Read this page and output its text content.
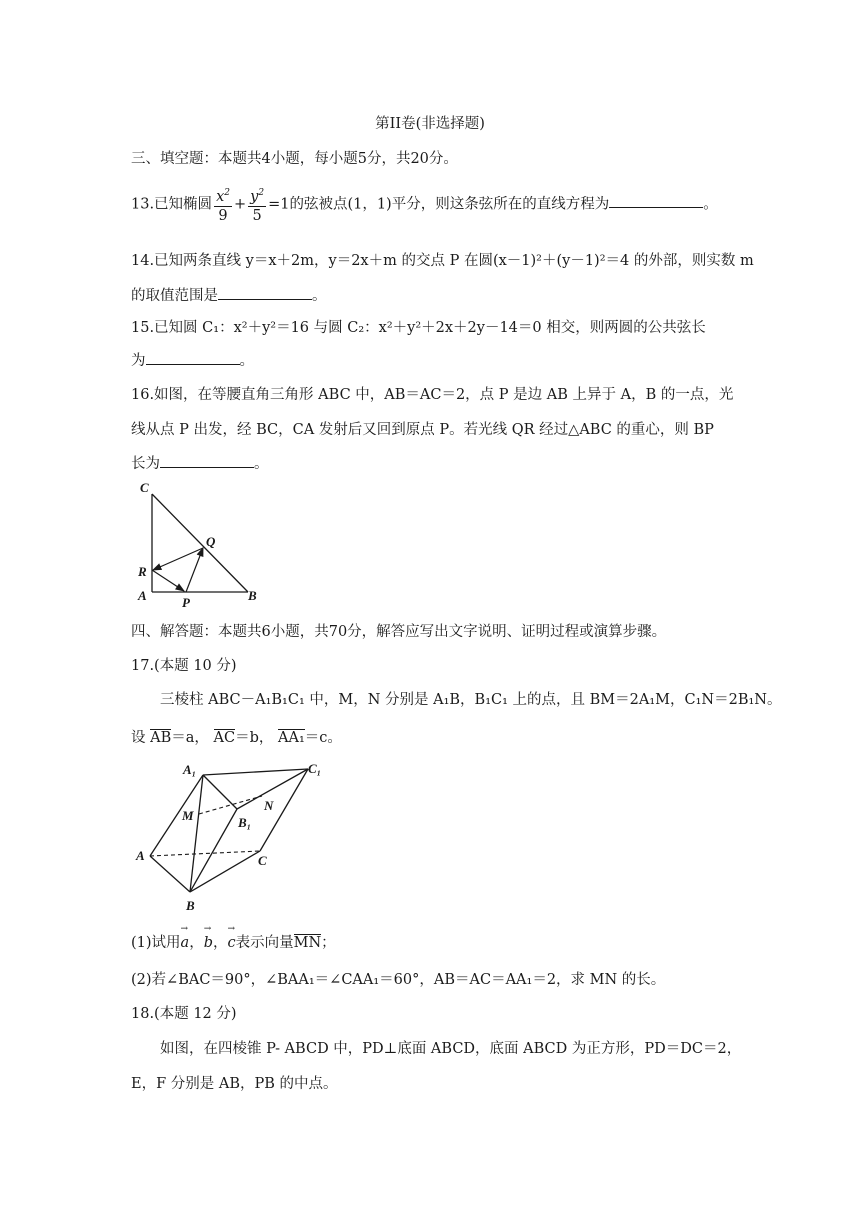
第II卷(非选择题)
三、填空题：本题共4小题，每小题5分，共20分。
13.已知椭圆 $\frac{x^2}{9} + \frac{y^2}{5} =1$的弦被点(1，1)平分，则这条弦所在的直线方程为	。
14.已知两条直线 y＝x＋2m，y＝2x＋m 的交点 P 在圆(x－1)²＋(y－1)²＝4 的外部，则实数 m
的取值范围是	。
15.已知圆 C₁：x²＋y²＝16 与圆 C₂：x²＋y²＋2x＋2y－14＝0 相交，则两圆的公共弦长
为	。
16.如图，在等腰直角三角形 ABC 中，AB＝AC＝2，点 P 是边 AB 上异于 A，B 的一点，光
线从点 P 出发，经 BC，CA 发射后又回到原点 P。若光线 QR 经过△ABC 的重心，则 BP
长为	。
C
Q
R
A	P	B
四、解答题：本题共6小题，共70分，解答应写出文字说明、证明过程或演算步骤。
17.(本题 10 分)
三棱柱 ABC－A₁B₁C₁ 中，M，N 分别是 A₁B，B₁C₁ 上的点，且 BM＝2A₁M，C₁N＝2B₁N。
设 AB＝a， AC＝b， AA₁＝c。
A₁	C₁
N
M	B₁
A	C
B
(1)试用→ a，→ b，→ c表示向量MN；
(2)若∠BAC＝90°，∠BAA₁＝∠CAA₁＝60°，AB＝AC＝AA₁＝2，求 MN 的长。
18.(本题 12 分)
如图，在四棱锥 P- ABCD 中，PD⊥底面 ABCD，底面 ABCD 为正方形，PD＝DC＝2，
E，F 分别是 AB，PB 的中点。
